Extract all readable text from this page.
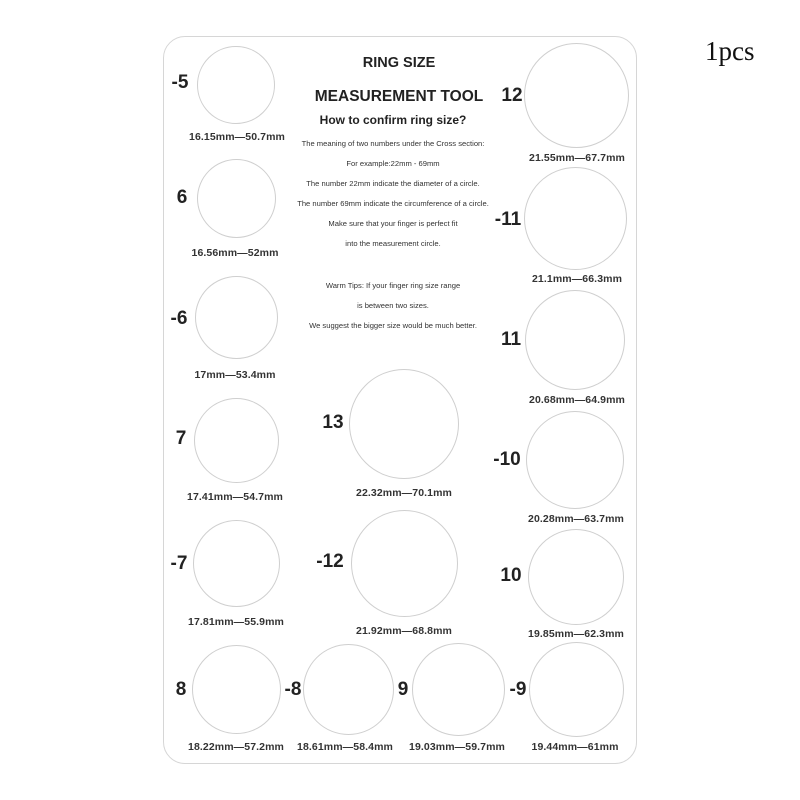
RING SIZE
MEASUREMENT TOOL
How to confirm ring size?
The meaning of two numbers under the Cross section:
For example:22mm - 69mm
The number 22mm indicate the diameter of a circle.
The number 69mm indicate the circumference of a circle.
Make sure that your finger is perfect fit
into the measurement circle.
Warm Tips: If your finger ring size range
is between two sizes.
We suggest the bigger size would be much better.
-5
16.15mm—50.7mm
6
16.56mm—52mm
-6
17mm—53.4mm
7
17.41mm—54.7mm
-7
17.81mm—55.9mm
8
18.22mm—57.2mm
-8
18.61mm—58.4mm
9
19.03mm—59.7mm
-9
19.44mm—61mm
10
19.85mm—62.3mm
-10
20.28mm—63.7mm
11
20.68mm—64.9mm
-11
21.1mm—66.3mm
12
21.55mm—67.7mm
-12
21.92mm—68.8mm
13
22.32mm—70.1mm
1pcs
